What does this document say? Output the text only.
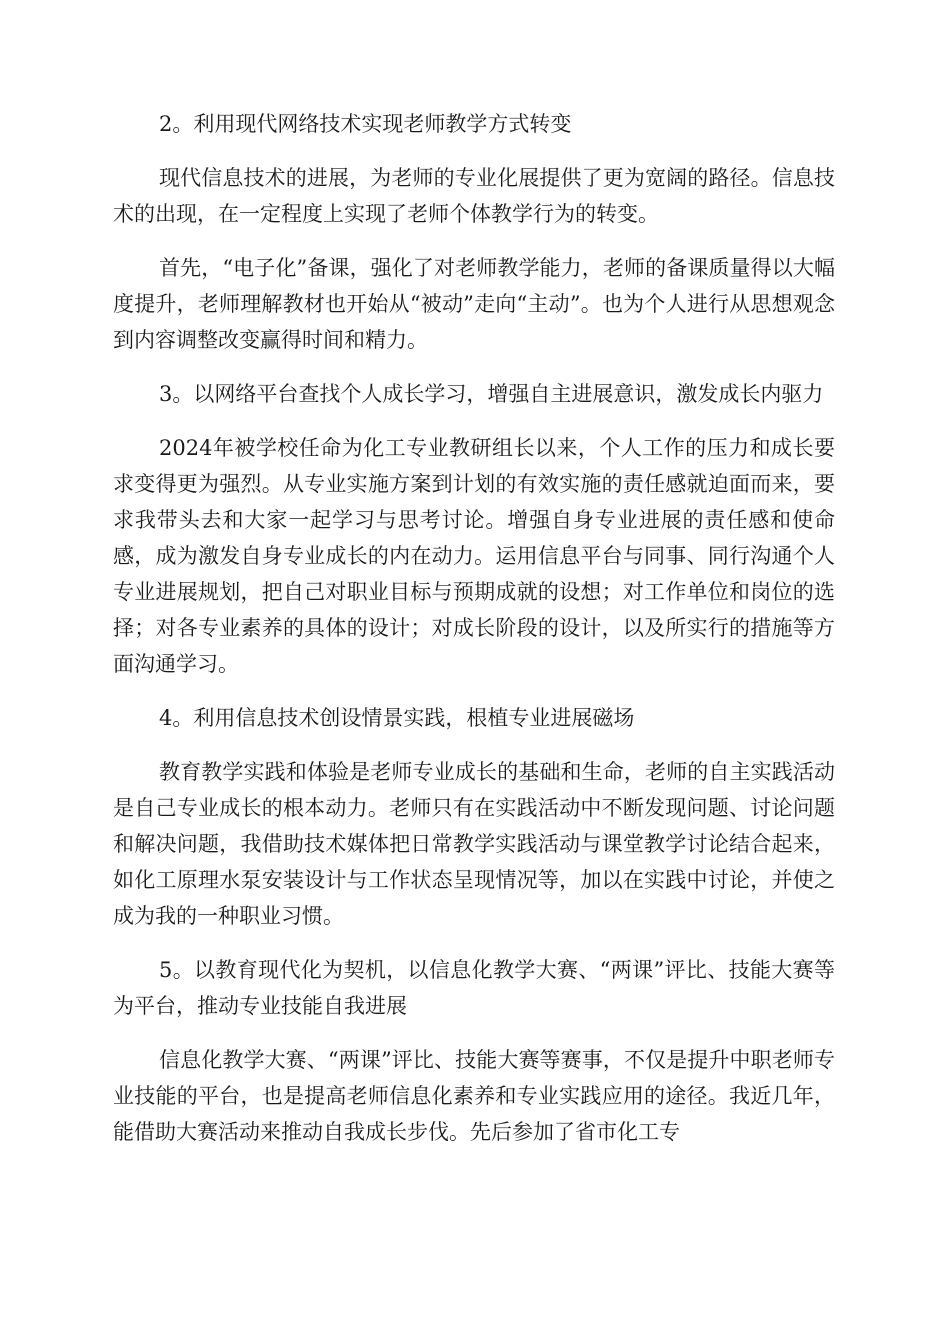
2。利用现代网络技术实现老师教学方式转变

现代信息技术的进展，为老师的专业化展提供了更为宽阔的路径。信息技术的出现，在一定程度上实现了老师个体教学行为的转变。

首先，“电子化”备课，强化了对老师教学能力，老师的备课质量得以大幅度提升，老师理解教材也开始从“被动”走向“主动”。也为个人进行从思想观念到内容调整改变赢得时间和精力。

3。以网络平台查找个人成长学习，增强自主进展意识，激发成长内驱力

2024年被学校任命为化工专业教研组长以来，个人工作的压力和成长要求变得更为强烈。从专业实施方案到计划的有效实施的责任感就迫面而来，要求我带头去和大家一起学习与思考讨论。增强自身专业进展的责任感和使命感，成为激发自身专业成长的内在动力。运用信息平台与同事、同行沟通个人专业进展规划，把自己对职业目标与预期成就的设想；对工作单位和岗位的选择；对各专业素养的具体的设计；对成长阶段的设计，以及所实行的措施等方面沟通学习。

4。利用信息技术创设情景实践，根植专业进展磁场

教育教学实践和体验是老师专业成长的基础和生命，老师的自主实践活动是自己专业成长的根本动力。老师只有在实践活动中不断发现问题、讨论问题和解决问题，我借助技术媒体把日常教学实践活动与课堂教学讨论结合起来，如化工原理水泵安装设计与工作状态呈现情况等，加以在实践中讨论，并使之成为我的一种职业习惯。

5。以教育现代化为契机，以信息化教学大赛、“两课”评比、技能大赛等为平台，推动专业技能自我进展

信息化教学大赛、“两课”评比、技能大赛等赛事，不仅是提升中职老师专业技能的平台，也是提高老师信息化素养和专业实践应用的途径。我近几年，能借助大赛活动来推动自我成长步伐。先后参加了省市化工专
